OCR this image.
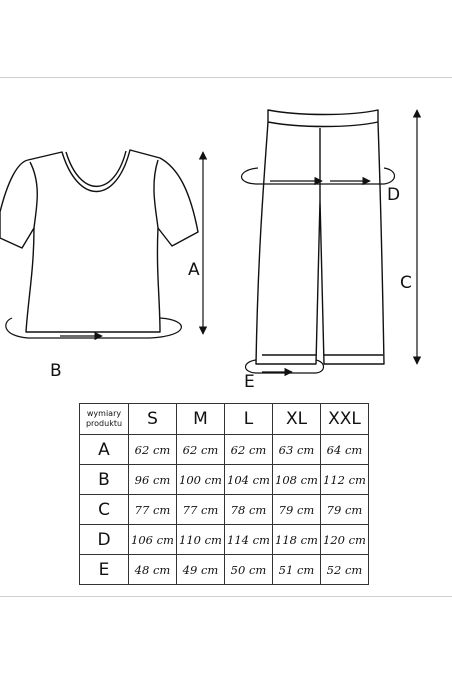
A
B
C
D
E
wymiary
produktu	S	M	L	XL	XXL
A	62 cm	62 cm	62 cm	63 cm	64 cm
B	96 cm	100 cm	104 cm	108 cm	112 cm
C	77 cm	77 cm	78 cm	79 cm	79 cm
D	106 cm	110 cm	114 cm	118 cm	120 cm
E	48 cm	49 cm	50 cm	51 cm	52 cm
